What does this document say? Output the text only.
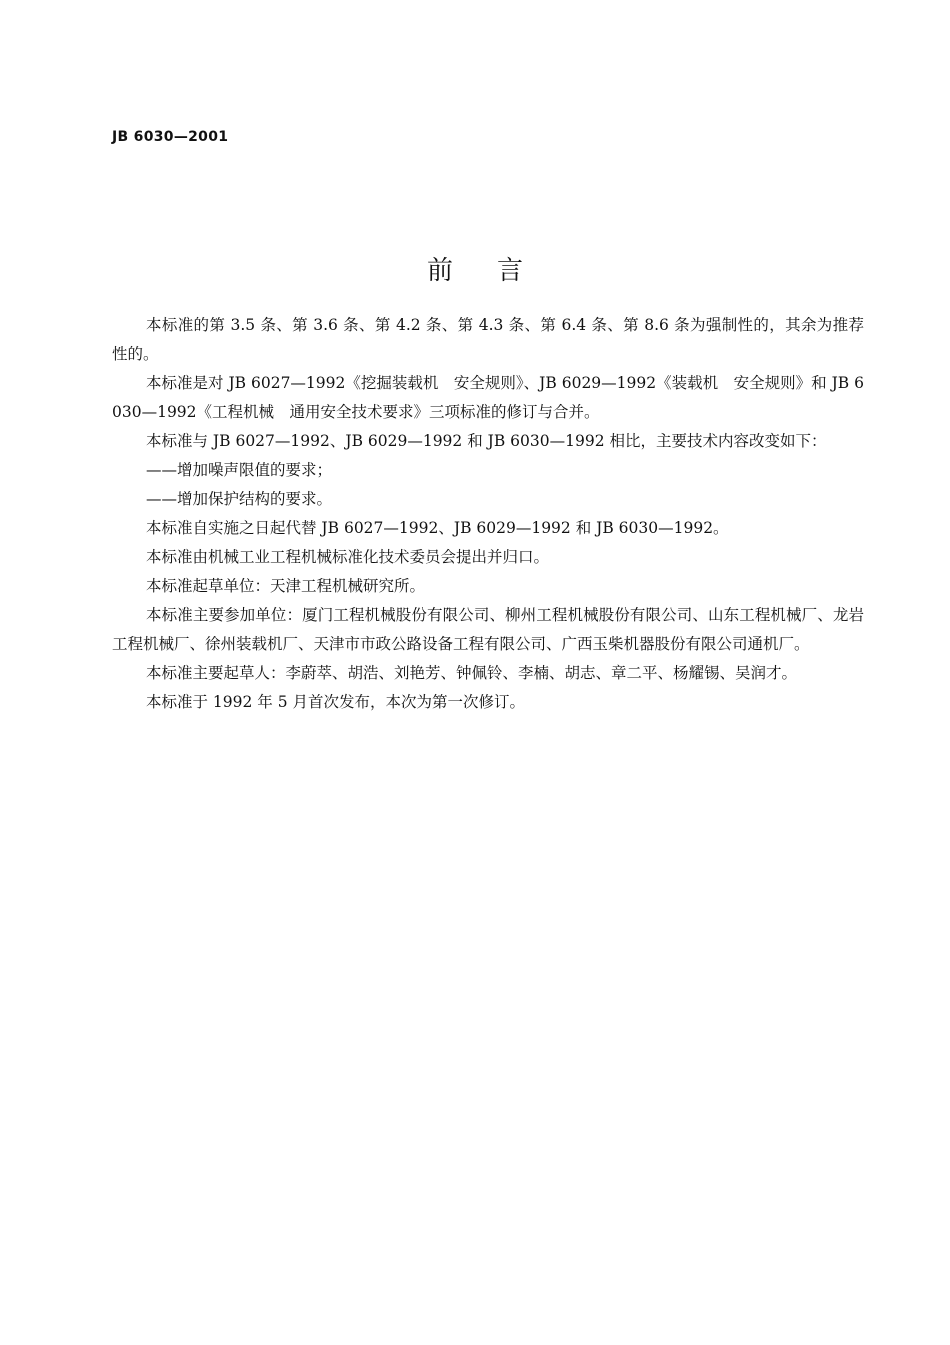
JB 6030—2001
前言

本标准的第 3.5 条、第 3.6 条、第 4.2 条、第 4.3 条、第 6.4 条、第 8.6 条为强制性的，其余为推荐性的。

本标准是对 JB 6027—1992《挖掘装载机　安全规则》、JB 6029—1992《装载机　安全规则》和 JB 6030—1992《工程机械　通用安全技术要求》三项标准的修订与合并。

本标准与 JB 6027—1992、JB 6029—1992 和 JB 6030—1992 相比，主要技术内容改变如下：

——增加噪声限值的要求；

——增加保护结构的要求。

本标准自实施之日起代替 JB 6027—1992、JB 6029—1992 和 JB 6030—1992。

本标准由机械工业工程机械标准化技术委员会提出并归口。

本标准起草单位：天津工程机械研究所。

本标准主要参加单位：厦门工程机械股份有限公司、柳州工程机械股份有限公司、山东工程机械厂、龙岩工程机械厂、徐州装载机厂、天津市市政公路设备工程有限公司、广西玉柴机器股份有限公司通机厂。

本标准主要起草人：李蔚萃、胡浩、刘艳芳、钟佩铃、李楠、胡志、章二平、杨耀锡、吴润才。

本标准于 1992 年 5 月首次发布，本次为第一次修订。
